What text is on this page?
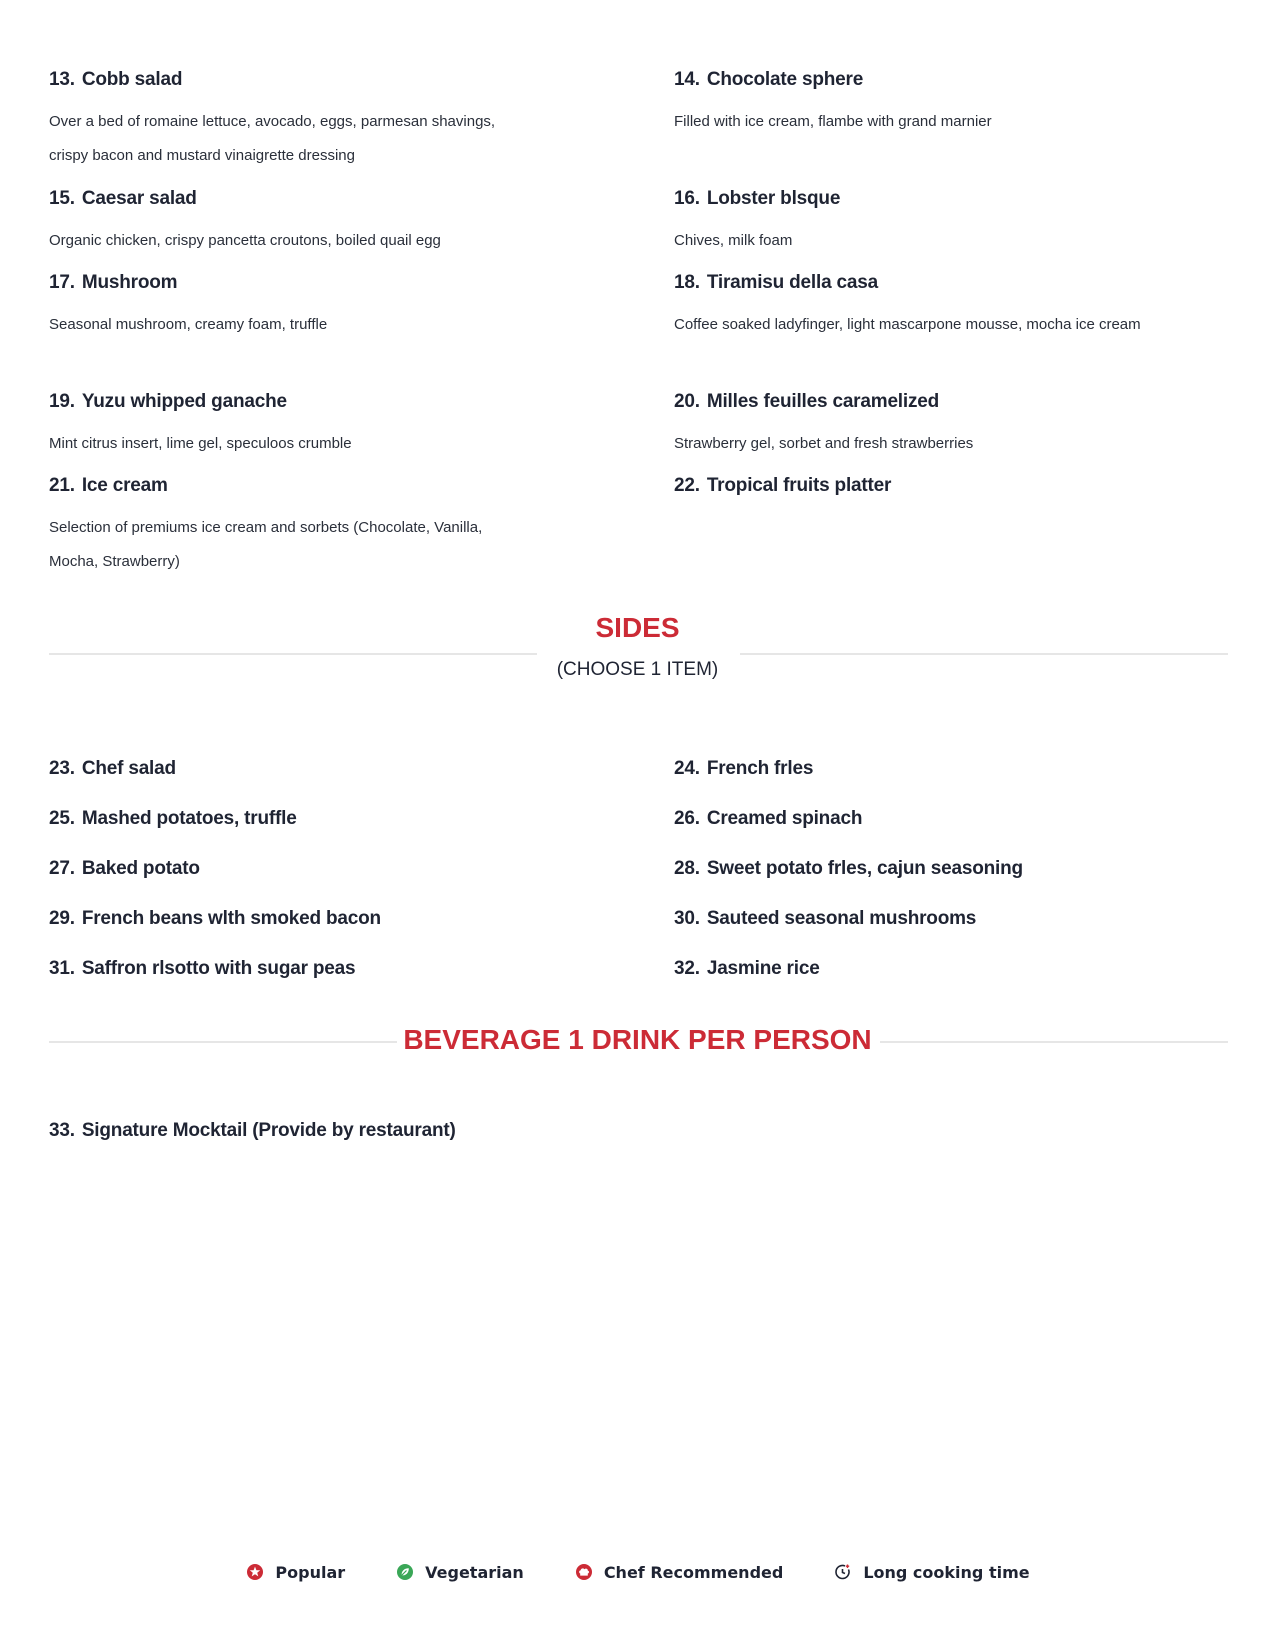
13. Cobb salad
Over a bed of romaine lettuce, avocado, eggs, parmesan shavings, crispy bacon and mustard vinaigrette dressing
14. Chocolate sphere
Filled with ice cream, flambe with grand marnier
15. Caesar salad
Organic chicken, crispy pancetta croutons, boiled quail egg
16. Lobster blsque
Chives, milk foam
17. Mushroom
Seasonal mushroom, creamy foam, truffle
18. Tiramisu della casa
Coffee soaked ladyfinger, light mascarpone mousse, mocha ice cream
19. Yuzu whipped ganache
Mint citrus insert, lime gel, speculoos crumble
20. Milles feuilles caramelized
Strawberry gel, sorbet and fresh strawberries
21. Ice cream
Selection of premiums ice cream and sorbets (Chocolate, Vanilla, Mocha, Strawberry)
22. Tropical fruits platter
SIDES
(CHOOSE 1 ITEM)
23. Chef salad	24. French frles
25. Mashed potatoes, truffle	26. Creamed spinach
27. Baked potato	28. Sweet potato frles, cajun seasoning
29. French beans wlth smoked bacon	30. Sauteed seasonal mushrooms
31. Saffron rlsotto with sugar peas	32. Jasmine rice
BEVERAGE 1 DRINK PER PERSON
33. Signature Mocktail (Provide by restaurant)
Popular	Vegetarian	Chef Recommended	Long cooking time
